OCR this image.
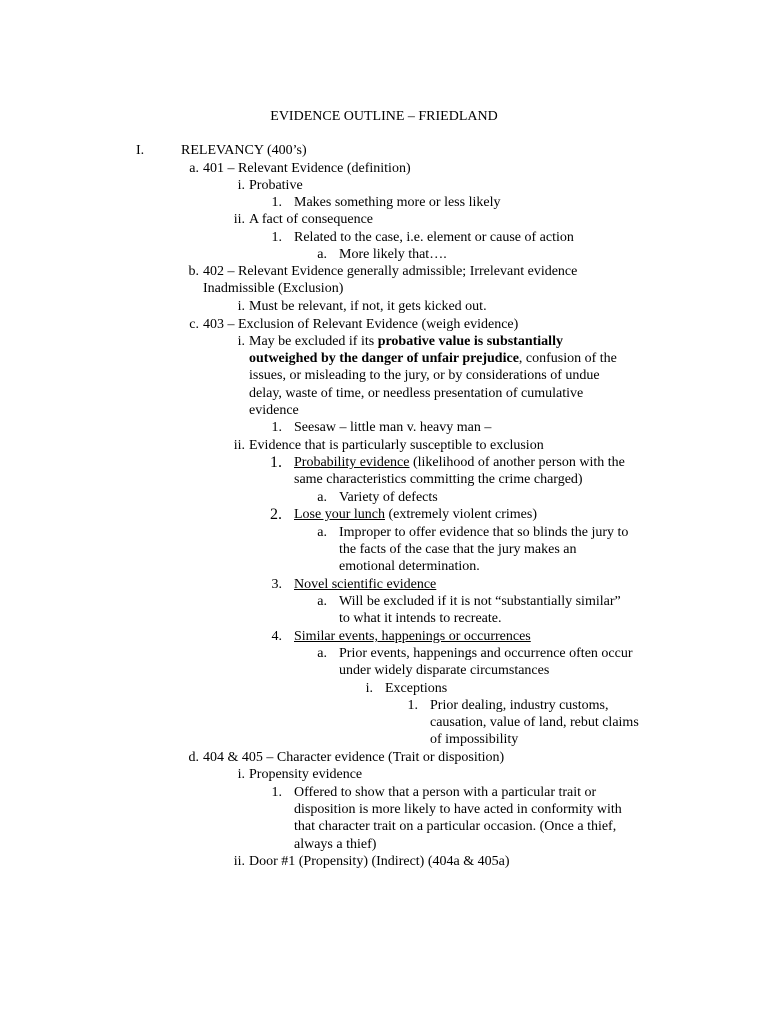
EVIDENCE OUTLINE – FRIEDLAND
I.	RELEVANCY (400’s)
a. 401 – Relevant Evidence (definition)
i. Probative
1. Makes something more or less likely
ii. A fact of consequence
1. Related to the case, i.e. element or cause of action
a. More likely that….
b. 402 – Relevant Evidence generally admissible; Irrelevant evidence
Inadmissible (Exclusion)
i. Must be relevant, if not, it gets kicked out.
c. 403 – Exclusion of Relevant Evidence (weigh evidence)
i. May be excluded if its probative value is substantially
outweighed by the danger of unfair prejudice, confusion of the
issues, or misleading to the jury, or by considerations of undue
delay, waste of time, or needless presentation of cumulative
evidence
1. Seesaw – little man v. heavy man –
ii. Evidence that is particularly susceptible to exclusion
1. Probability evidence (likelihood of another person with the
same characteristics committing the crime charged)
a. Variety of defects
2. Lose your lunch (extremely violent crimes)
a. Improper to offer evidence that so blinds the jury to
the facts of the case that the jury makes an
emotional determination.
3. Novel scientific evidence
a. Will be excluded if it is not “substantially similar”
to what it intends to recreate.
4. Similar events, happenings or occurrences
a. Prior events, happenings and occurrence often occur
under widely disparate circumstances
i. Exceptions
1. Prior dealing, industry customs,
causation, value of land, rebut claims
of impossibility
d. 404 & 405 – Character evidence (Trait or disposition)
i. Propensity evidence
1. Offered to show that a person with a particular trait or
disposition is more likely to have acted in conformity with
that character trait on a particular occasion. (Once a thief,
always a thief)
ii. Door #1 (Propensity) (Indirect) (404a & 405a)
